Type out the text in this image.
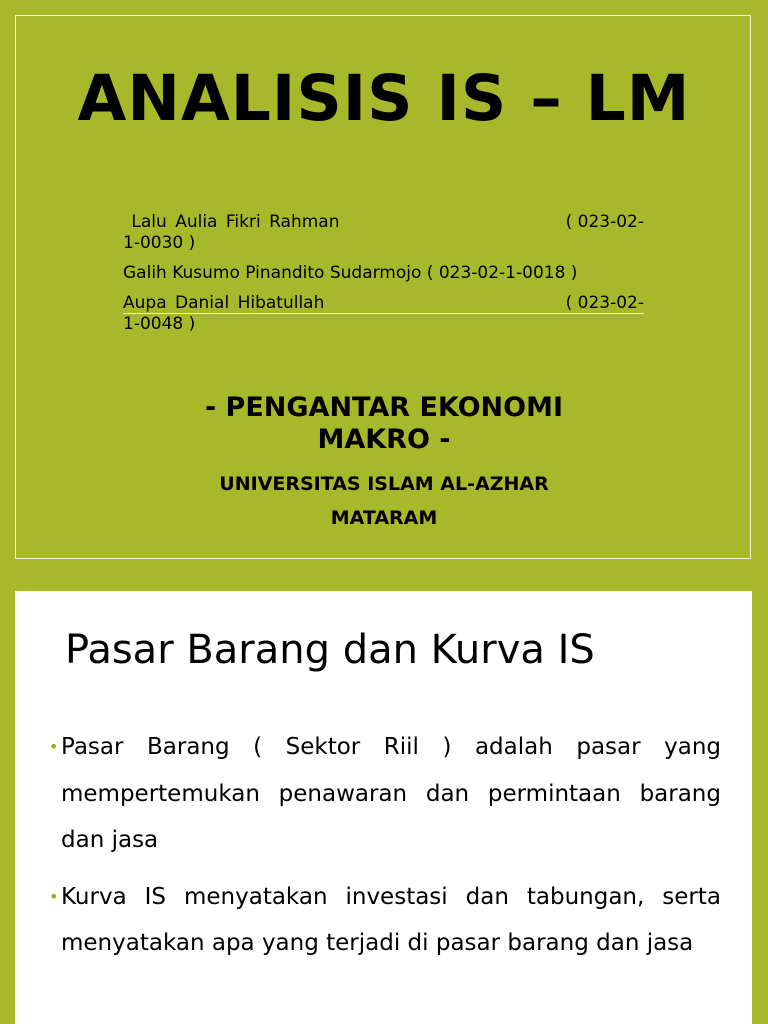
ANALISIS IS – LM
Lalu Aulia Fikri Rahman	( 023-02-
1-0030 )
Galih Kusumo Pinandito Sudarmojo ( 023-02-1-0018 )
Aupa Danial Hibatullah	( 023-02-
1-0048 )
- PENGANTAR EKONOMI
MAKRO -
UNIVERSITAS ISLAM AL-AZHAR
MATARAM
Pasar Barang dan Kurva IS
• Pasar Barang ( Sektor Riil ) adalah pasar yang mempertemukan penawaran dan permintaan barang dan jasa
• Kurva IS menyatakan investasi dan tabungan, serta menyatakan apa yang terjadi di pasar barang dan jasa
